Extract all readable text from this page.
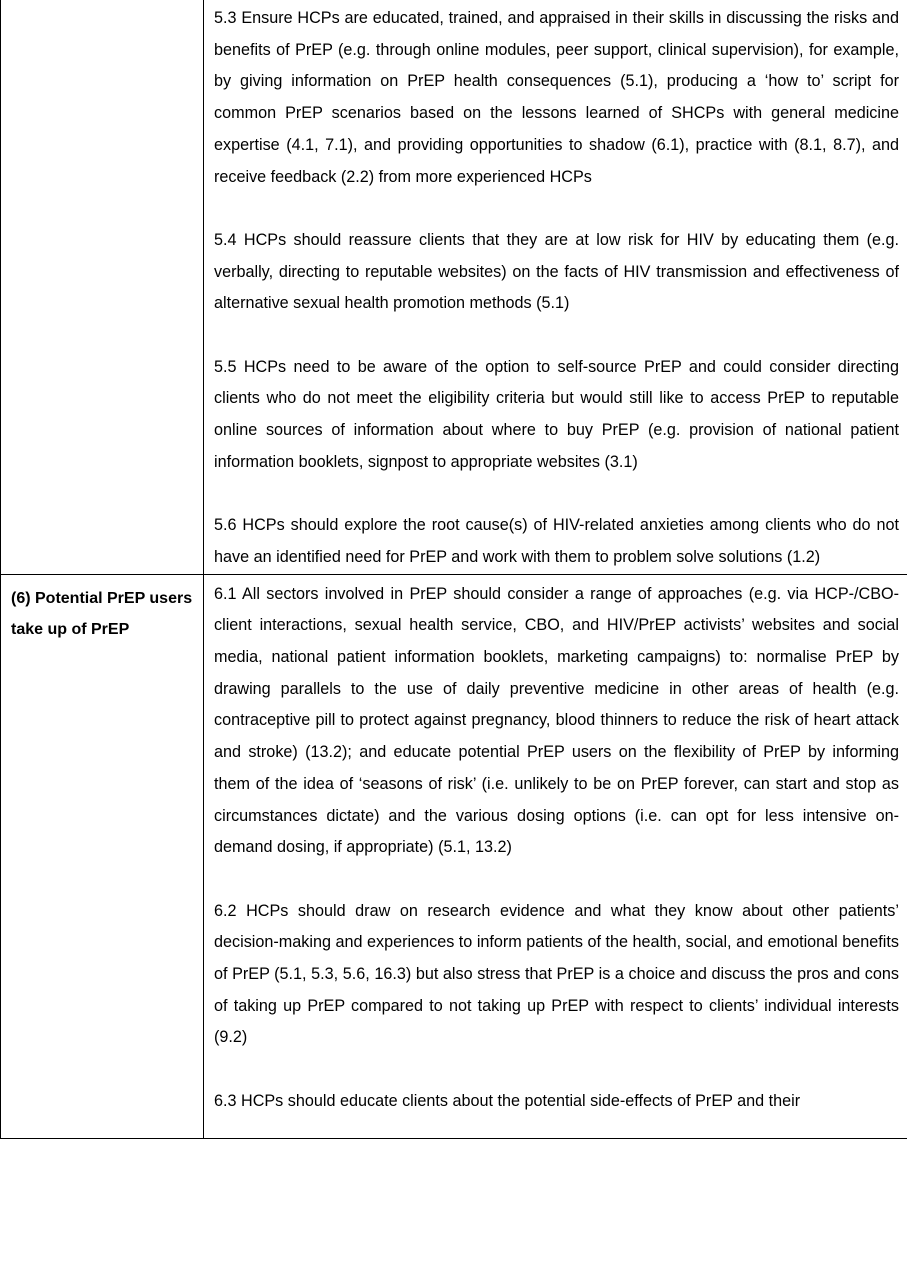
	5.3 Ensure HCPs are educated, trained, and appraised in their skills in discussing the risks and benefits of PrEP (e.g. through online modules, peer support, clinical supervision), for example, by giving information on PrEP health consequences (5.1), producing a ‘how to’ script for common PrEP scenarios based on the lessons learned of SHCPs with general medicine expertise (4.1, 7.1), and providing opportunities to shadow (6.1), practice with (8.1, 8.7), and receive feedback (2.2) from more experienced HCPs

5.4 HCPs should reassure clients that they are at low risk for HIV by educating them (e.g. verbally, directing to reputable websites) on the facts of HIV transmission and effectiveness of alternative sexual health promotion methods (5.1)

5.5 HCPs need to be aware of the option to self-source PrEP and could consider directing clients who do not meet the eligibility criteria but would still like to access PrEP to reputable online sources of information about where to buy PrEP (e.g. provision of national patient information booklets, signpost to appropriate websites (3.1)

5.6 HCPs should explore the root cause(s) of HIV-related anxieties among clients who do not have an identified need for PrEP and work with them to problem solve solutions (1.2)

(6) Potential PrEP users take up of PrEP	6.1 All sectors involved in PrEP should consider a range of approaches (e.g. via HCP-/CBO-client interactions, sexual health service, CBO, and HIV/PrEP activists’ websites and social media, national patient information booklets, marketing campaigns) to: normalise PrEP by drawing parallels to the use of daily preventive medicine in other areas of health (e.g. contraceptive pill to protect against pregnancy, blood thinners to reduce the risk of heart attack and stroke) (13.2); and educate potential PrEP users on the flexibility of PrEP by informing them of the idea of ‘seasons of risk’ (i.e. unlikely to be on PrEP forever, can start and stop as circumstances dictate) and the various dosing options (i.e. can opt for less intensive on-demand dosing, if appropriate) (5.1, 13.2)

6.2 HCPs should draw on research evidence and what they know about other patients’ decision-making and experiences to inform patients of the health, social, and emotional benefits of PrEP (5.1, 5.3, 5.6, 16.3) but also stress that PrEP is a choice and discuss the pros and cons of taking up PrEP compared to not taking up PrEP with respect to clients’ individual interests (9.2)

6.3 HCPs should educate clients about the potential side-effects of PrEP and their
